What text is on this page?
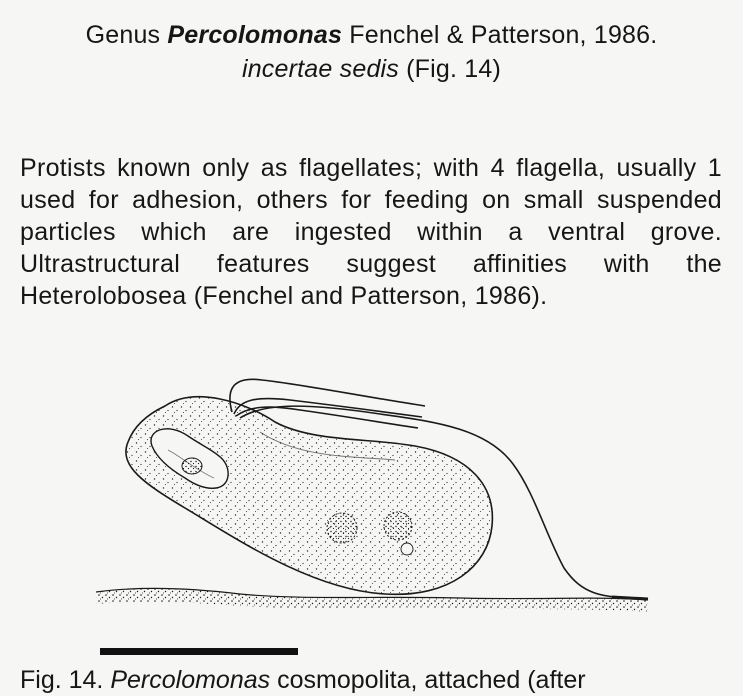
Genus Percolomonas Fenchel & Patterson, 1986.
incertae sedis (Fig. 14)
Protists known only as flagellates; with 4 flagella, usually 1 used for adhesion, others for feeding on small suspended particles which are ingested within a ventral grove. Ultrastructural features suggest affinities with the Heterolobosea (Fenchel and Patterson, 1986).
Fig. 14. Percolomonas cosmopolita, attached (after
